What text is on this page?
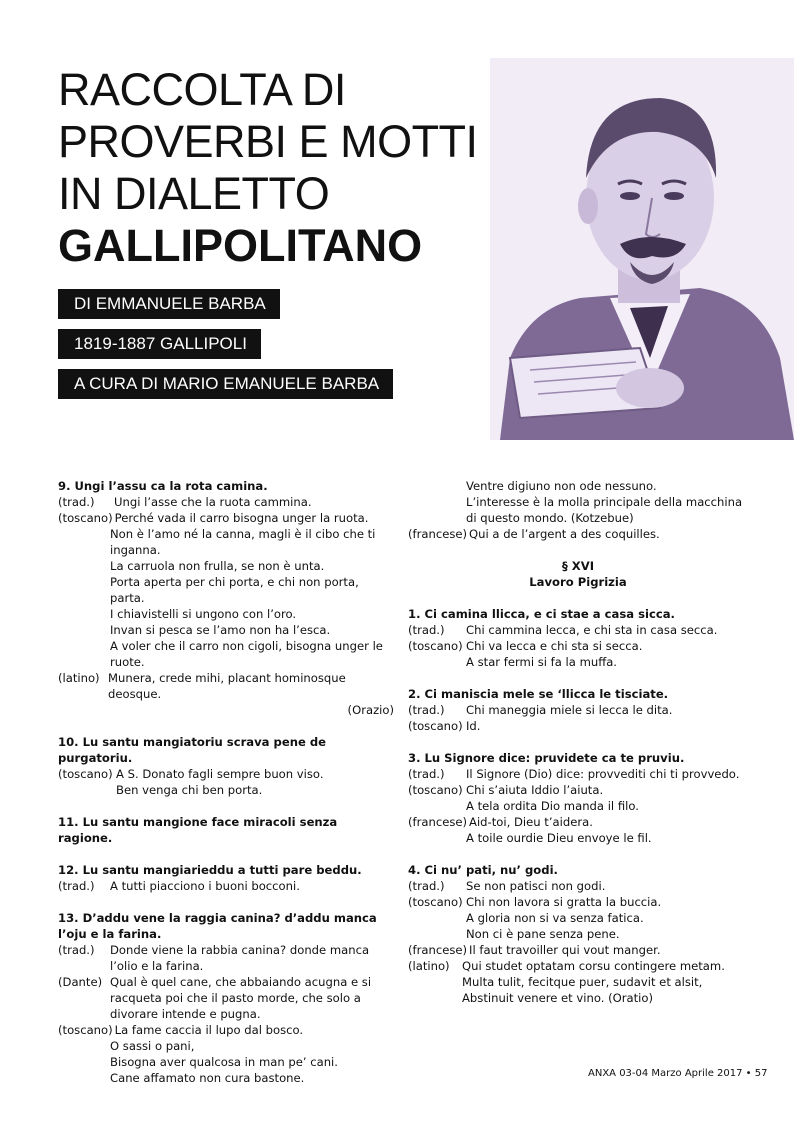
RACCOLTA DI
PROVERBI E MOTTI
IN DIALETTO
GALLIPOLITANO
DI EMMANUELE BARBA
1819-1887 GALLIPOLI
A CURA DI MARIO EMANUELE BARBA
9. Ungi l’assu ca la rota camina.
(trad.)	Ungi l’asse che la ruota cammina.
(toscano) Perché vada il carro bisogna unger la ruota.
Non è l’amo né la canna, magli è il cibo che ti inganna.
La carruola non frulla, se non è unta.
Porta aperta per chi porta, e chi non porta, parta.
I chiavistelli si ungono con l’oro.
Invan si pesca se l’amo non ha l’esca.
A voler che il carro non cigoli, bisogna unger le ruote.
(latino) Munera, crede mihi, placant hominosque deosque.
(Orazio)
10. Lu santu mangiatoriu scrava pene de purgatoriu.
(toscano) A S. Donato fagli sempre buon viso.
Ben venga chi ben porta.
11. Lu santu mangione face miracoli senza ragione.
12. Lu santu mangiarieddu a tutti pare beddu.
(trad.)	A tutti piacciono i buoni bocconi.
13. D’addu vene la raggia canina? d’addu manca l’oju e la farina.
(trad.)	Donde viene la rabbia canina? donde manca l’olio e la farina.
(Dante) Qual è quel cane, che abbaiando acugna e si racqueta poi che il pasto morde, che solo a divorare intende e pugna.
(toscano) La fame caccia il lupo dal bosco.
O sassi o pani,
Bisogna aver qualcosa in man pe’ cani.
Cane affamato non cura bastone.
Ventre digiuno non ode nessuno.
L’interesse è la molla principale della macchina di questo mondo. (Kotzebue)
(francese) Qui a de l’argent a des coquilles.
§ XVI
Lavoro Pigrizia
1. Ci camina llicca, e ci stae a casa sicca.
(trad.)	Chi cammina lecca, e chi sta in casa secca.
(toscano) Chi va lecca e chi sta si secca.
A star fermi si fa la muffa.
2. Ci maniscia mele se ‘llicca le tisciate.
(trad.)	Chi maneggia miele si lecca le dita.
(toscano) Id.
3. Lu Signore dice: pruvidete ca te pruviu.
(trad.)	Il Signore (Dio) dice: provveditі chi ti provvedo.
(toscano) Chi s’aiuta Iddio l’aiuta.
A tela ordita Dio manda il filo.
(francese) Aid-toi, Dieu t’aidera.
A toile ourdie Dieu envoye le fil.
4. Ci nu’ pati, nu’ godi.
(trad.)	Se non patisci non godi.
(toscano) Chi non lavora si gratta la buccia.
A gloria non si va senza fatica.
Non ci è pane senza pene.
(francese) Il faut travoiller qui vout manger.
(latino)	Qui studet optatam corsu contingere metam.
Multa tulit, fecitque puer, sudavit et alsit,
Abstinuit venere et vino. (Oratio)
ANXA 03-04 Marzo Aprile 2017 • 57
